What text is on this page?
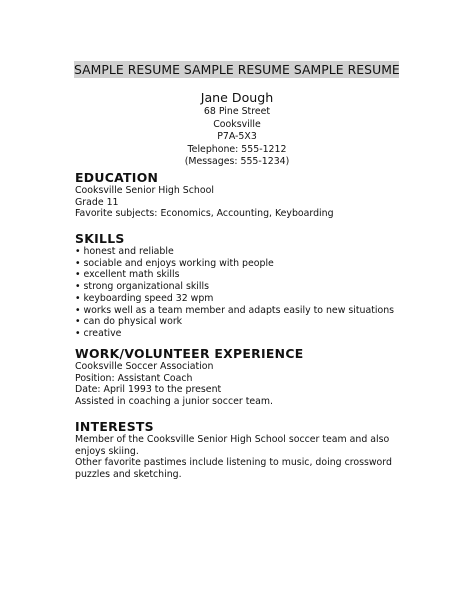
SAMPLE RESUME SAMPLE RESUME SAMPLE RESUME
Jane Dough
68 Pine Street
Cooksville
P7A-5X3
Telephone: 555-1212
(Messages: 555-1234)
EDUCATION
Cooksville Senior High School
Grade 11
Favorite subjects: Economics, Accounting, Keyboarding
SKILLS
• honest and reliable
• sociable and enjoys working with people
• excellent math skills
• strong organizational skills
• keyboarding speed 32 wpm
• works well as a team member and adapts easily to new situations
• can do physical work
• creative
WORK/VOLUNTEER EXPERIENCE
Cooksville Soccer Association
Position: Assistant Coach
Date: April 1993 to the present
Assisted in coaching a junior soccer team.
INTERESTS
Member of the Cooksville Senior High School soccer team and also
enjoys skiing.
Other favorite pastimes include listening to music, doing crossword
puzzles and sketching.
